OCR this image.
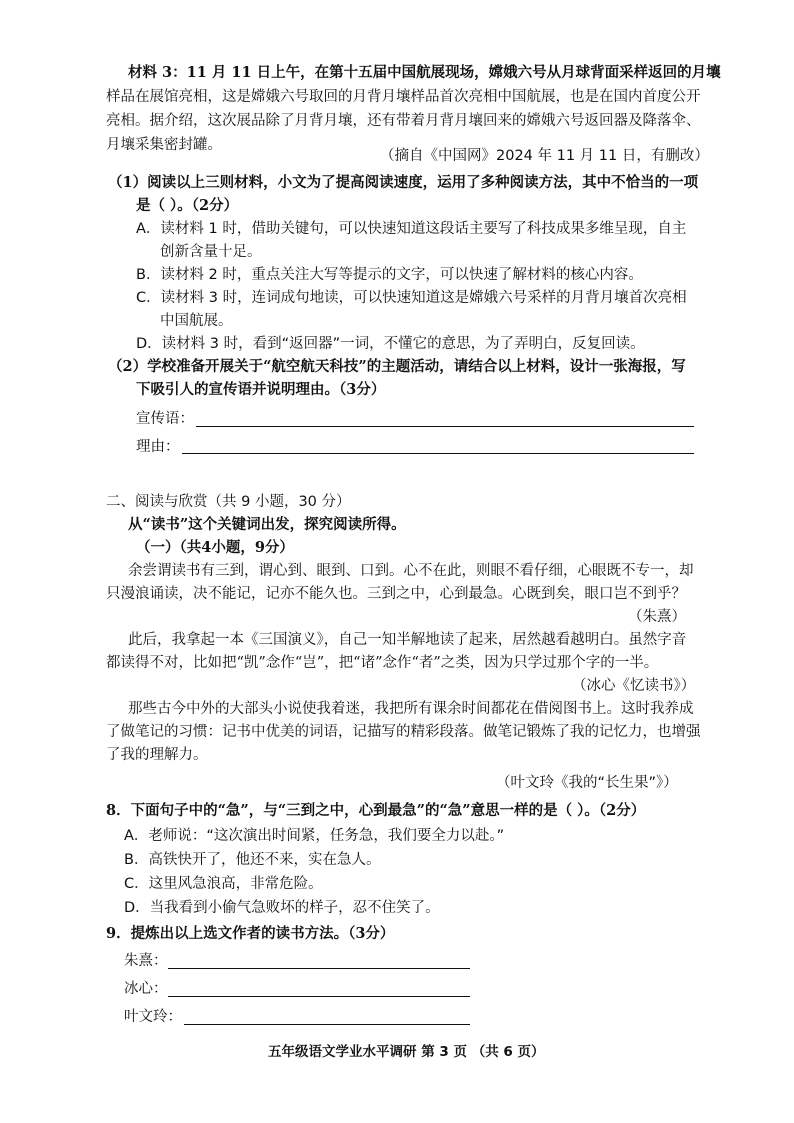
材料 3：11 月 11 日上午，在第十五届中国航展现场，嫦娥六号从月球背面采样返回的月壤
样品在展馆亮相，这是嫦娥六号取回的月背月壤样品首次亮相中国航展，也是在国内首度公开
亮相。据介绍，这次展品除了月背月壤，还有带着月背月壤回来的嫦娥六号返回器及降落伞、
月壤采集密封罐。
（摘自《中国网》2024 年 11 月 11 日，有删改）
（1）阅读以上三则材料，小文为了提高阅读速度，运用了多种阅读方法，其中不恰当的一项
是（ ）。（2分）
A．读材料 1 时，借助关键句，可以快速知道这段话主要写了科技成果多维呈现，自主
创新含量十足。
B．读材料 2 时，重点关注大写等提示的文字，可以快速了解材料的核心内容。
C．读材料 3 时，连词成句地读，可以快速知道这是嫦娥六号采样的月背月壤首次亮相
中国航展。
D．读材料 3 时，看到“返回器”一词，不懂它的意思，为了弄明白，反复回读。
（2）学校准备开展关于“航空航天科技”的主题活动，请结合以上材料，设计一张海报，写
下吸引人的宣传语并说明理由。（3分）
宣传语：
理由：
二、阅读与欣赏（共 9 小题，30 分）
从“读书”这个关键词出发，探究阅读所得。
（一）（共4小题，9分）
余尝谓读书有三到，谓心到、眼到、口到。心不在此，则眼不看仔细，心眼既不专一，却
只漫浪诵读，决不能记，记亦不能久也。三到之中，心到最急。心既到矣，眼口岂不到乎？
（朱熹）
此后，我拿起一本《三国演义》，自己一知半解地读了起来，居然越看越明白。虽然字音
都读得不对，比如把“凯”念作“岂”，把“诸”念作“者”之类，因为只学过那个字的一半。
（冰心《忆读书》）
那些古今中外的大部头小说使我着迷，我把所有课余时间都花在借阅图书上。这时我养成
了做笔记的习惯：记书中优美的词语，记描写的精彩段落。做笔记锻炼了我的记忆力，也增强
了我的理解力。
（叶文玲《我的“长生果”》）
8．下面句子中的“急”，与“三到之中，心到最急”的“急”意思一样的是（ ）。（2分）
A．老师说：“这次演出时间紧，任务急，我们要全力以赴。”
B．高铁快开了，他还不来，实在急人。
C．这里风急浪高，非常危险。
D．当我看到小偷气急败坏的样子，忍不住笑了。
9．提炼出以上选文作者的读书方法。（3分）
朱熹：
冰心：
叶文玲：
五年级语文学业水平调研 第 3 页 （共 6 页）
